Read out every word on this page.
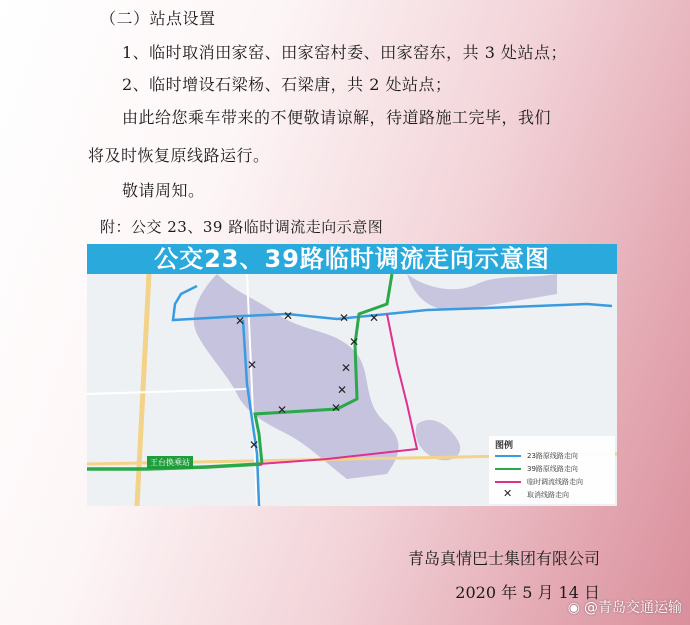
（二）站点设置
1、临时取消田家窑、田家窑村委、田家窑东，共 3 处站点；
2、临时增设石梁杨、石梁唐，共 2 处站点；
由此给您乘车带来的不便敬请谅解，待道路施工完毕，我们
将及时恢复原线路运行。
敬请周知。
附：公交 23、39 路临时调流走向示意图
公交23、39路临时调流走向示意图
✕	✕	✕ ✕
✕
✕
✕
✕
✕	✕
✕
王台换乘站
图例
23路原线路走向
39路原线路走向
临时调流线路走向
✕ 取消线路走向
青岛真情巴士集团有限公司
2020 年 5 月 14 日
◉ @青岛交通运输
